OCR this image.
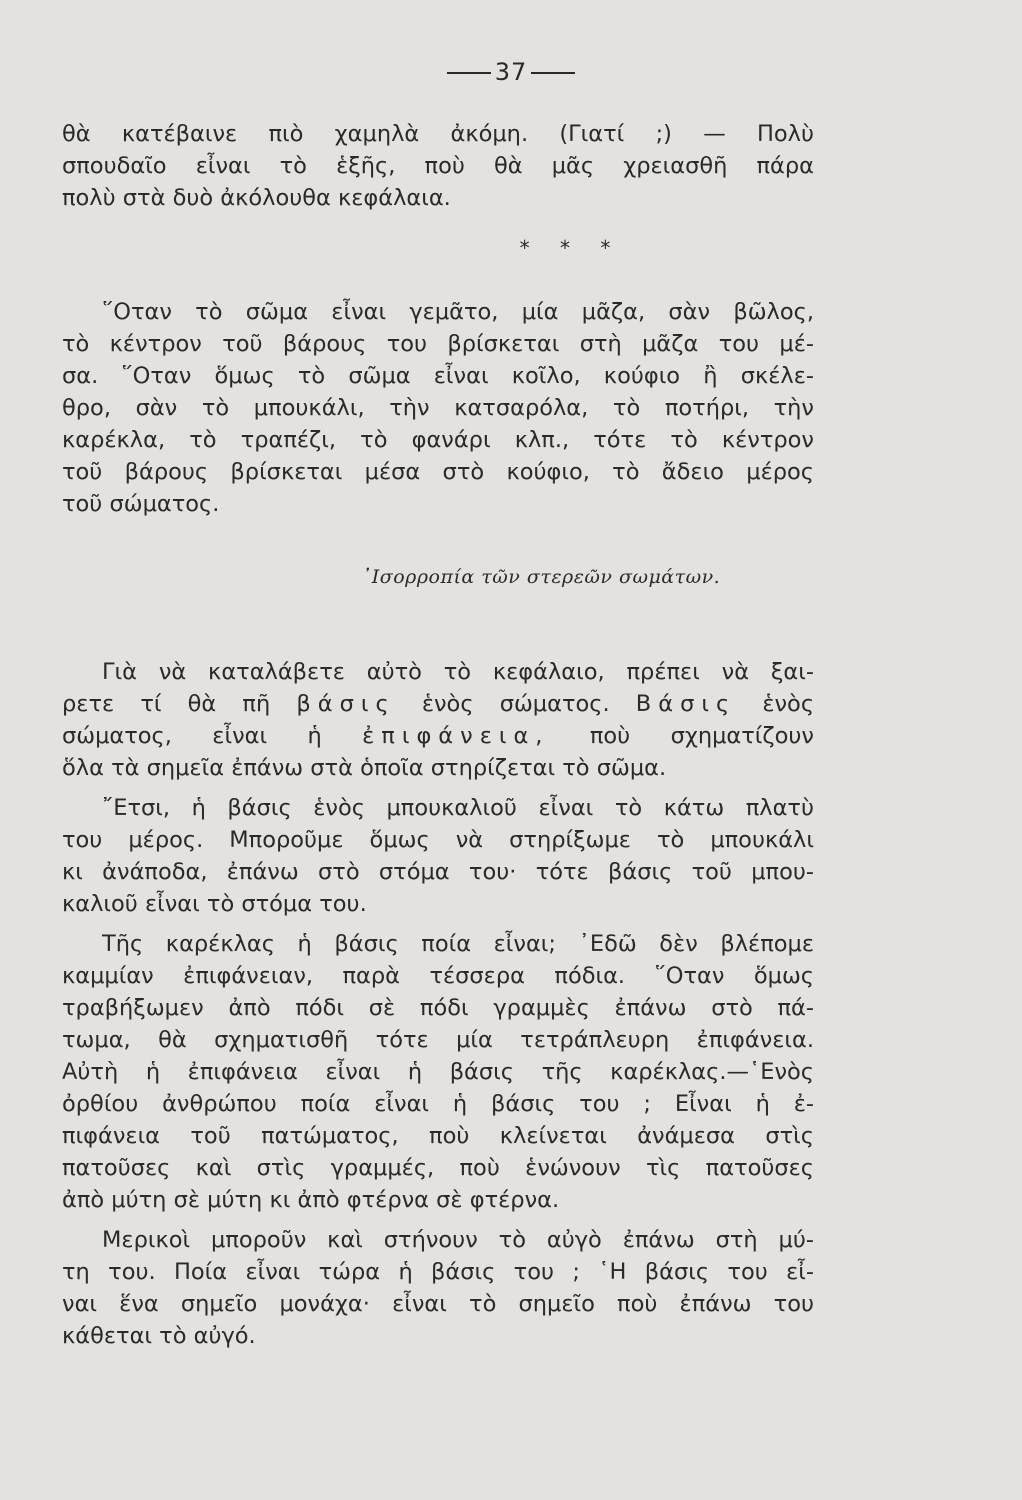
37
θὰ κατέβαινε πιὸ χαμηλὰ ἀκόμη. (Γιατί ;) — Πολὺ
σπουδαῖο εἶναι τὸ ἑξῆς, ποὺ θὰ μᾶς χρειασθῆ πάρα
πολὺ στὰ δυὸ ἀκόλουθα κεφάλαια.
* * *
῞Οταν τὸ σῶμα εἶναι γεμᾶτο, μία μᾶζα, σὰν βῶλος,
τὸ κέντρον τοῦ βάρους του βρίσκεται στὴ μᾶζα του μέ-
σα. ῞Οταν ὅμως τὸ σῶμα εἶναι κοῖλο, κούφιο ἢ σκέλε-
θρο, σὰν τὸ μπουκάλι, τὴν κατσαρόλα, τὸ ποτήρι, τὴν
καρέκλα, τὸ τραπέζι, τὸ φανάρι κλπ., τότε τὸ κέντρον
τοῦ βάρους βρίσκεται μέσα στὸ κούφιο, τὸ ἄδειο μέρος
τοῦ σώματος.
᾿Ισορροπία τῶν στερεῶν σωμάτων.
Γιὰ νὰ καταλάβετε αὐτὸ τὸ κεφάλαιο, πρέπει νὰ ξαι-
ρετε τί θὰ πῆ βάσις ἑνὸς σώματος. Βάσις ἑνὸς
σώματος, εἶναι ἡ ἐπιφάνεια, ποὺ σχηματίζουν
ὅλα τὰ σημεῖα ἐπάνω στὰ ὁποῖα στηρίζεται τὸ σῶμα.
῎Ετσι, ἡ βάσις ἑνὸς μπουκαλιοῦ εἶναι τὸ κάτω πλατὺ
του μέρος. Μποροῦμε ὅμως νὰ στηρίξωμε τὸ μπουκάλι
κι ἀνάποδα, ἐπάνω στὸ στόμα του· τότε βάσις τοῦ μπου-
καλιοῦ εἶναι τὸ στόμα του.
Τῆς καρέκλας ἡ βάσις ποία εἶναι; ᾿Εδῶ δὲν βλέπομε
καμμίαν ἐπιφάνειαν, παρὰ τέσσερα πόδια. ῞Οταν ὅμως
τραβήξωμεν ἀπὸ πόδι σὲ πόδι γραμμὲς ἐπάνω στὸ πά-
τωμα, θὰ σχηματισθῆ τότε μία τετράπλευρη ἐπιφάνεια.
Αὐτὴ ἡ ἐπιφάνεια εἶναι ἡ βάσις τῆς καρέκλας.—῾Ενὸς
ὀρθίου ἀνθρώπου ποία εἶναι ἡ βάσις του ; Εἶναι ἡ ἐ-
πιφάνεια τοῦ πατώματος, ποὺ κλείνεται ἀνάμεσα στὶς
πατοῦσες καὶ στὶς γραμμές, ποὺ ἑνώνουν τὶς πατοῦσες
ἀπὸ μύτη σὲ μύτη κι ἀπὸ φτέρνα σὲ φτέρνα.
Μερικοὶ μποροῦν καὶ στήνουν τὸ αὐγὸ ἐπάνω στὴ μύ-
τη του. Ποία εἶναι τώρα ἡ βάσις του ; ῾Η βάσις του εἶ-
ναι ἕνα σημεῖο μονάχα· εἶναι τὸ σημεῖο ποὺ ἐπάνω του
κάθεται τὸ αὐγό.
